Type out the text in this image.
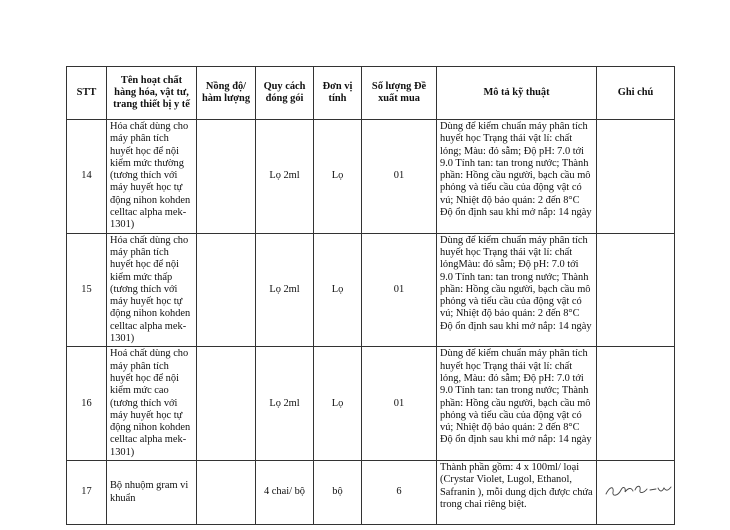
STT	Tên hoạt chất hàng hóa, vật tư, trang thiết bị y tế	Nồng độ/ hàm lượng	Quy cách đóng gói	Đơn vị tính	Số lượng Đề xuất mua	Mô tả kỹ thuật	Ghi chú
14	Hóa chất dùng cho máy phân tích huyết học để nội kiểm mức thường (tương thích với máy huyết học tự động nihon kohden celltac alpha mek-1301)		Lọ 2ml	Lọ	01	Dùng để kiểm chuẩn máy phân tích huyết học Trạng thái vật lí: chất lỏng; Màu: đỏ sẫm; Độ pH: 7.0 tới 9.0 Tính tan: tan trong nước; Thành phần: Hồng cầu người, bạch cầu mô phỏng và tiểu cầu của động vật có vú; Nhiệt độ bảo quản: 2 đến 8°C Độ ổn định sau khi mở nắp: 14 ngày	
15	Hóa chất dùng cho máy phân tích huyết học để nội kiểm mức thấp (tương thích với máy huyết học tự động nihon kohden celltac alpha mek-1301)		Lọ 2ml	Lọ	01	Dùng để kiểm chuẩn máy phân tích huyết học Trạng thái vật lí: chất lỏngMàu: đỏ sẫm; Độ pH: 7.0 tới 9.0 Tính tan: tan trong nước; Thành phần: Hồng cầu người, bạch cầu mô phỏng và tiểu cầu của động vật có vú; Nhiệt độ bảo quản: 2 đến 8°C Độ ổn định sau khi mở nắp: 14 ngày	
16	Hoá chất dùng cho máy phân tích huyết học để nội kiểm mức cao (tương thích với máy huyết học tự động nihon kohden celltac alpha mek-1301)		Lọ 2ml	Lọ	01	Dùng để kiểm chuẩn máy phân tích huyết học Trạng thái vật lí: chất lỏng, Màu: đỏ sẫm; Độ pH: 7.0 tới 9.0 Tính tan: tan trong nước; Thành phần: Hồng cầu người, bạch cầu mô phỏng và tiểu cầu của động vật có vú; Nhiệt độ bảo quản: 2 đến 8°C Độ ổn định sau khi mở nắp: 14 ngày	
17	Bộ nhuộm gram vi khuẩn		4 chai/ bộ	bộ	6	Thành phần gồm: 4 x 100ml/ loại (Crystar Violet, Lugol, Ethanol, Safranin ), mỗi dung dịch được chứa trong chai riêng biệt.	
